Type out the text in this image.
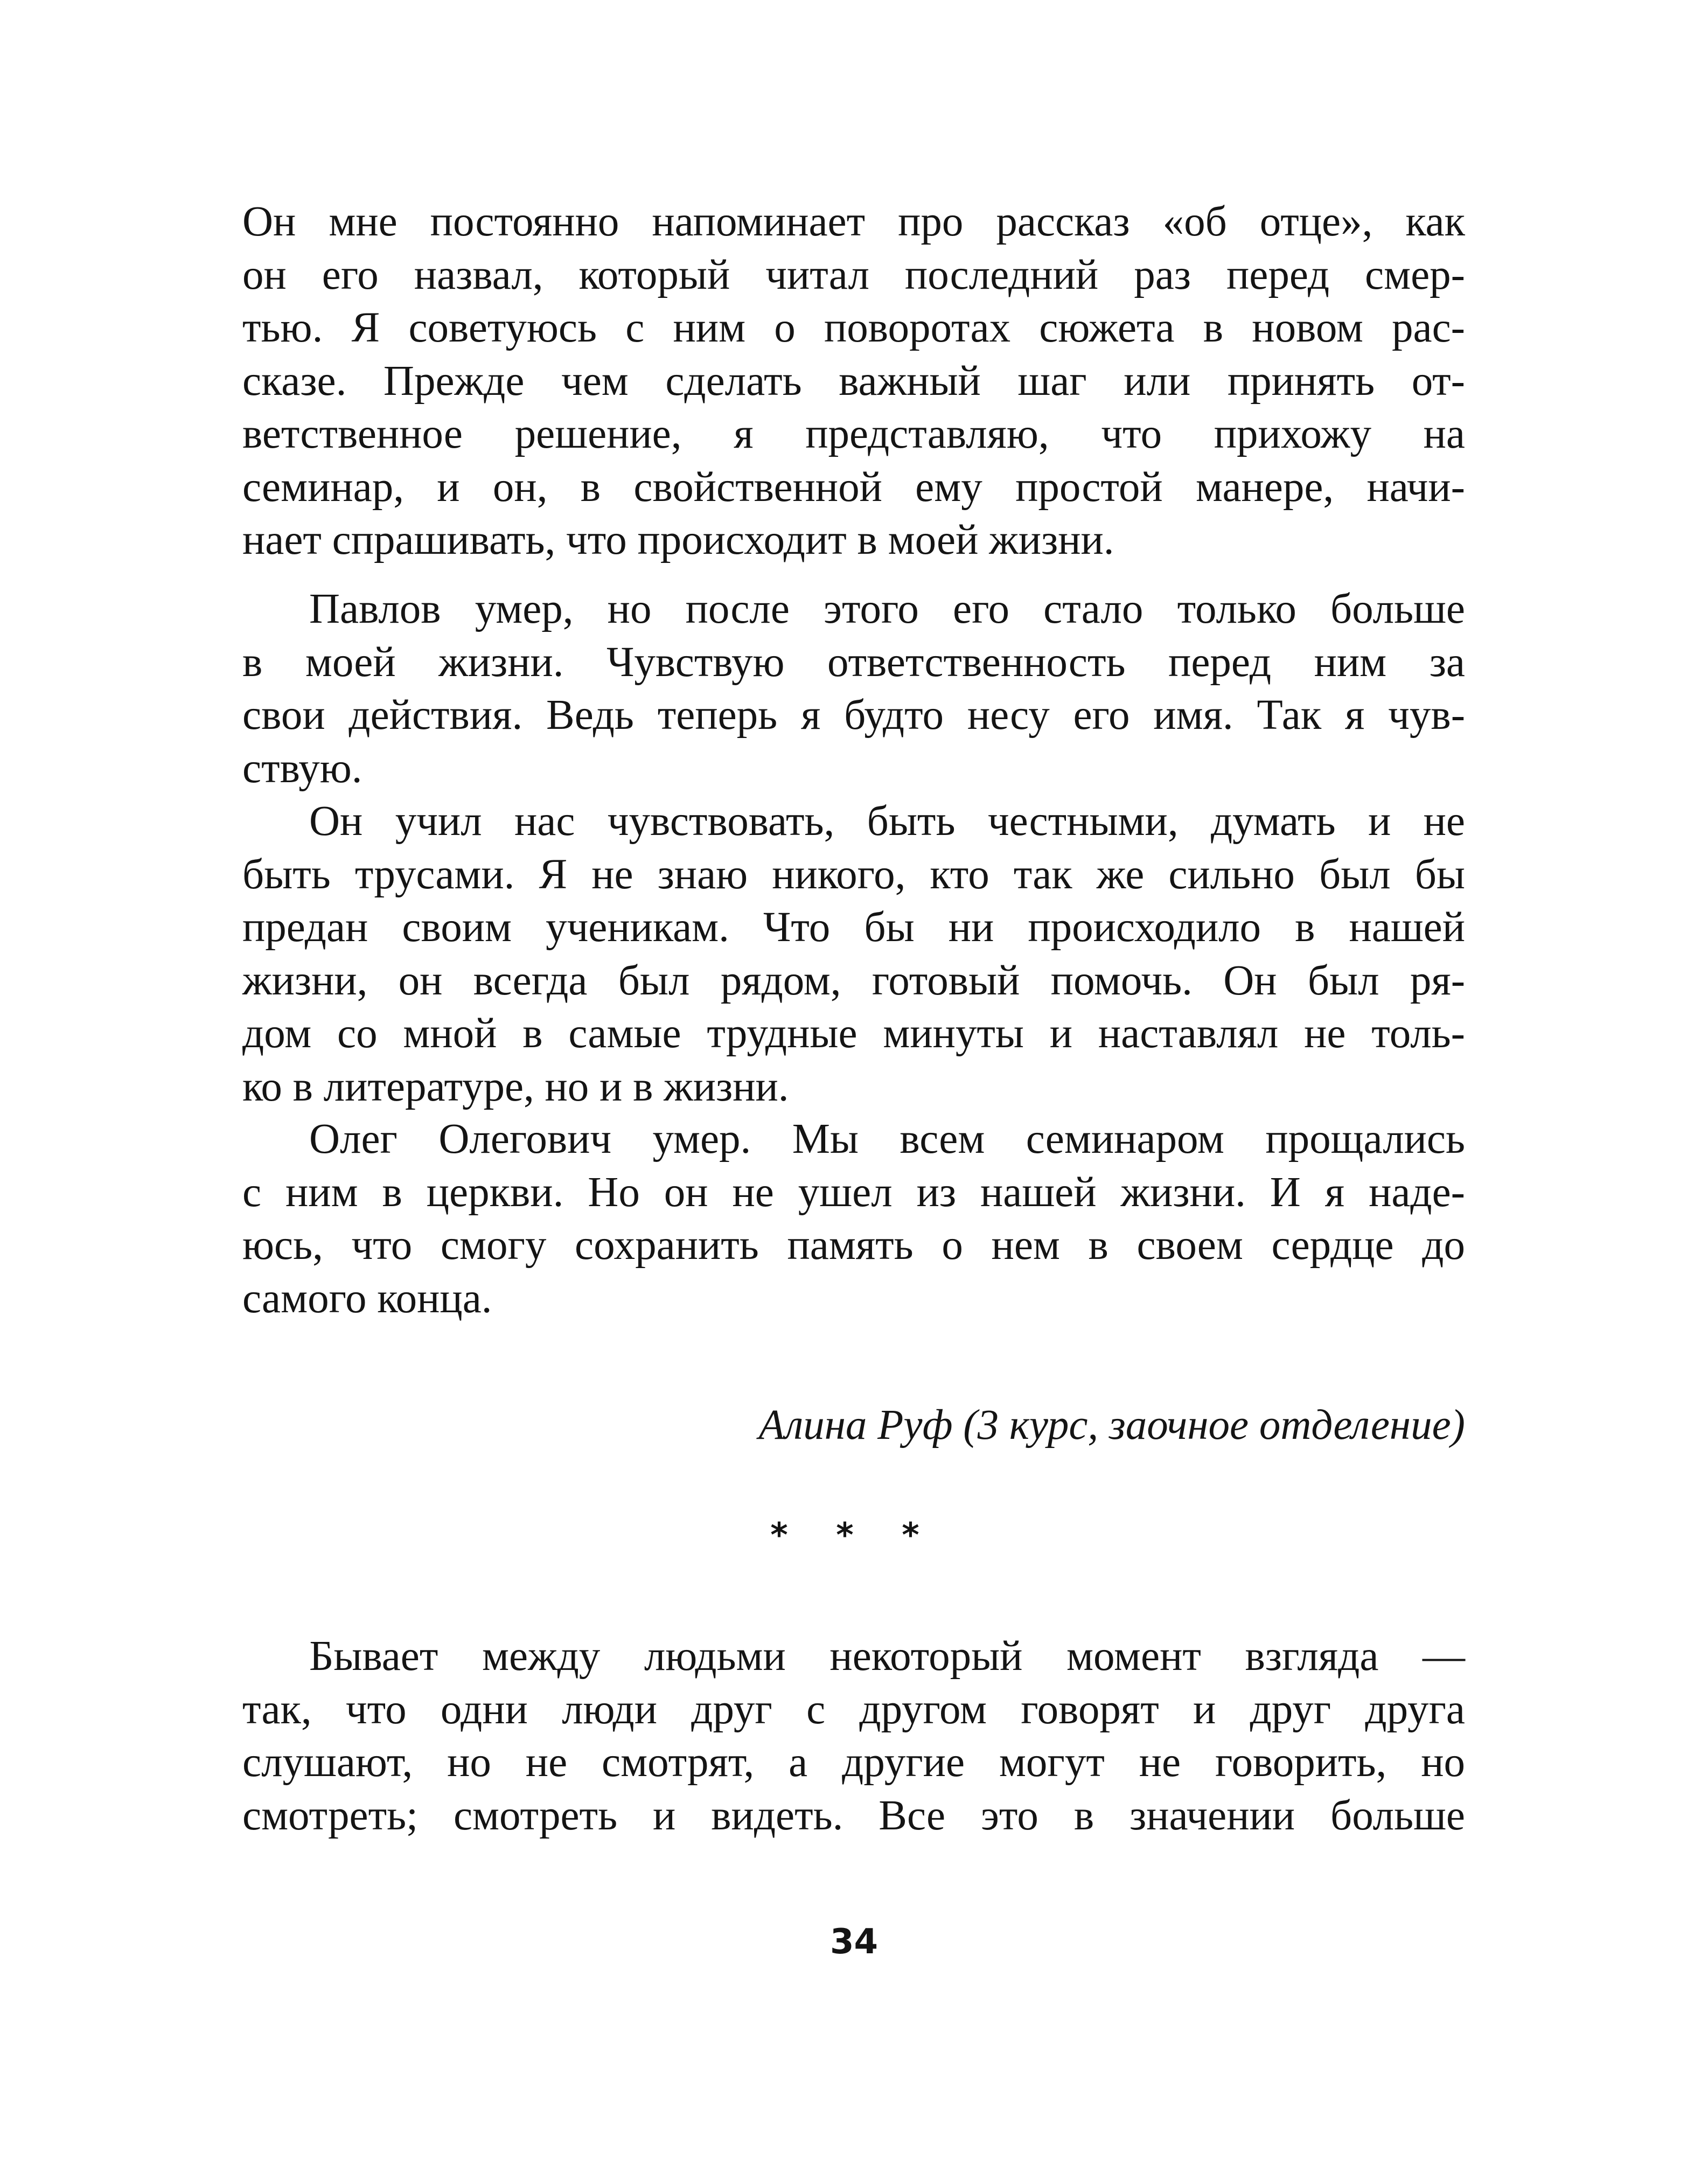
Он мне постоянно напоминает про рассказ «об отце», как
он его назвал, который читал последний раз перед смер-
тью. Я советуюсь с ним о поворотах сюжета в новом рас-
сказе. Прежде чем сделать важный шаг или принять от-
ветственное решение, я представляю, что прихожу на
семинар, и он, в свойственной ему простой манере, начи-
нает спрашивать, что происходит в моей жизни.
Павлов умер, но после этого его стало только больше
в моей жизни. Чувствую ответственность перед ним за
свои действия. Ведь теперь я будто несу его имя. Так я чув-
ствую.
Он учил нас чувствовать, быть честными, думать и не
быть трусами. Я не знаю никого, кто так же сильно был бы
предан своим ученикам. Что бы ни происходило в нашей
жизни, он всегда был рядом, готовый помочь. Он был ря-
дом со мной в самые трудные минуты и наставлял не толь-
ко в литературе, но и в жизни.
Олег Олегович умер. Мы всем семинаром прощались
с ним в церкви. Но он не ушел из нашей жизни. И я наде-
юсь, что смогу сохранить память о нем в своем сердце до
самого конца.
Алина Руф (3 курс, заочное отделение)
* * *
Бывает между людьми некоторый момент взгляда —
так, что одни люди друг с другом говорят и друг друга
слушают, но не смотрят, а другие могут не говорить, но
смотреть; смотреть и видеть. Все это в значении больше
34
